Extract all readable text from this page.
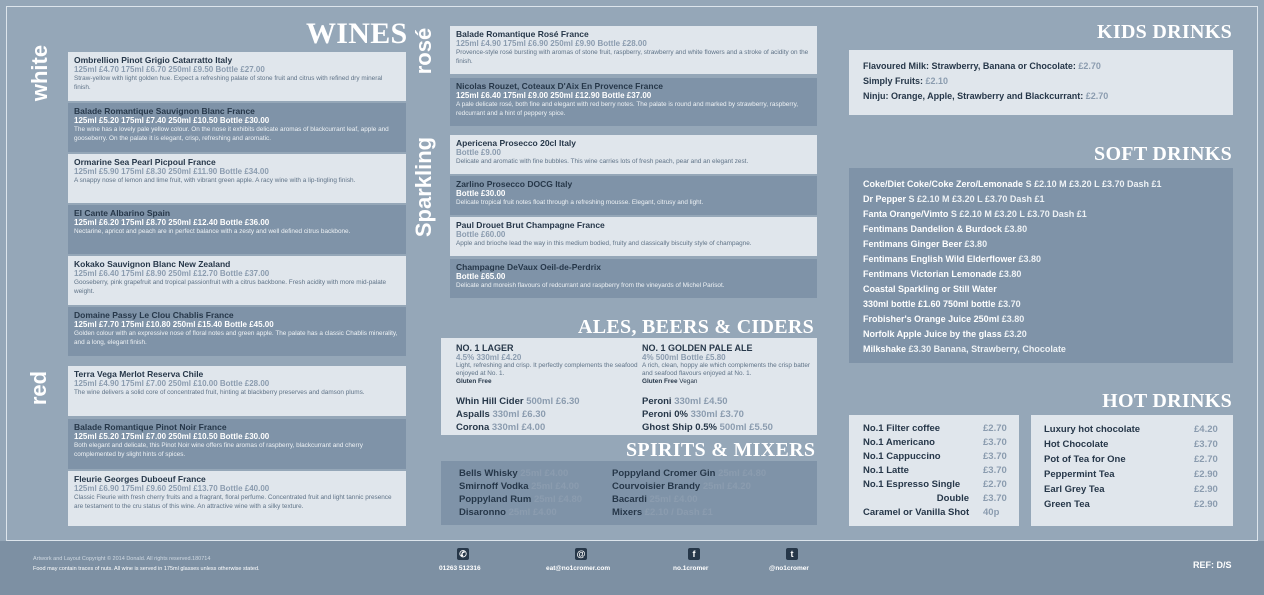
WINES
white
red
rosé
Sparkling
Ombrellion Pinot Grigio Catarratto Italy
125ml £4.70 175ml £6.70 250ml £9.50 Bottle £27.00
Straw-yellow with light golden hue. Expect a refreshing palate of stone fruit and citrus with refined dry mineral finish.
Balade Romantique Sauvignon Blanc France
125ml £5.20 175ml £7.40 250ml £10.50 Bottle £30.00
The wine has a lovely pale yellow colour. On the nose it exhibits delicate aromas of blackcurrant leaf, apple and gooseberry. On the palate it is elegant, crisp, refreshing and aromatic.
Ormarine Sea Pearl Picpoul France
125ml £5.90 175ml £8.30 250ml £11.90 Bottle £34.00
A snappy nose of lemon and lime fruit, with vibrant green apple. A racy wine with a lip-tingling finish.
El Cante Albarino Spain
125ml £6.20 175ml £8.70 250ml £12.40 Bottle £36.00
Nectarine, apricot and peach are in perfect balance with a zesty and well defined citrus backbone.
Kokako Sauvignon Blanc New Zealand
125ml £6.40 175ml £8.90 250ml £12.70 Bottle £37.00
Gooseberry, pink grapefruit and tropical passionfruit with a citrus backbone. Fresh acidity with more mid-palate weight.
Domaine Passy Le Clou Chablis France
125ml £7.70 175ml £10.80 250ml £15.40 Bottle £45.00
Golden colour with an expressive nose of floral notes and green apple. The palate has a classic Chablis minerality, and a long, elegant finish.
Terra Vega Merlot Reserva Chile
125ml £4.90 175ml £7.00 250ml £10.00 Bottle £28.00
The wine delivers a solid core of concentrated fruit, hinting at blackberry preserves and damson plums.
Balade Romantique Pinot Noir France
125ml £5.20 175ml £7.00 250ml £10.50 Bottle £30.00
Both elegant and delicate, this Pinot Noir wine offers fine aromas of raspberry, blackcurrant and cherry complemented by slight hints of spices.
Fleurie Georges Duboeuf France
125ml £6.90 175ml £9.60 250ml £13.70 Bottle £40.00
Classic Fleurie with fresh cherry fruits and a fragrant, floral perfume. Concentrated fruit and light tannic presence are testament to the cru status of this wine. An attractive wine with a silky texture.
Balade Romantique Rosé France
125ml £4.90 175ml £6.90 250ml £9.90 Bottle £28.00
Provence-style rosé bursting with aromas of stone fruit, raspberry, strawberry and white flowers and a stroke of acidity on the finish.
Nicolas Rouzet, Coteaux D'Aix En Provence France
125ml £6.40 175ml £9.00 250ml £12.90 Bottle £37.00
A pale delicate rosé, both fine and elegant with red berry notes. The palate is round and marked by strawberry, raspberry, redcurrant and a hint of peppery spice.
Apericena Prosecco 20cl Italy
Bottle £9.00
Delicate and aromatic with fine bubbles. This wine carries lots of fresh peach, pear and an elegant zest.
Zarlino Prosecco DOCG Italy
Bottle £30.00
Delicate tropical fruit notes float through a refreshing mousse. Elegant, citrusy and light.
Paul Drouet Brut Champagne France
Bottle £60.00
Apple and brioche lead the way in this medium bodied, fruity and classically biscuity style of champagne.
Champagne DeVaux Oeil-de-Perdrix
Bottle £65.00
Delicate and moreish flavours of redcurrant and raspberry from the vineyards of Michel Parisot.
ALES, BEERS & CIDERS
NO. 1 LAGER
4.5% 330ml £4.20
Light, refreshing and crisp. It perfectly complements the seafood enjoyed at No. 1.
Gluten Free
NO. 1 GOLDEN PALE ALE
4% 500ml Bottle £5.80
A rich, clean, hoppy ale which complements the crisp batter and seafood flavours enjoyed at No. 1.
Gluten Free Vegan
Whin Hill Cider 500ml £6.30
Aspalls 330ml £6.30
Corona 330ml £4.00
Peroni 330ml £4.50
Peroni 0% 330ml £3.70
Ghost Ship 0.5% 500ml £5.50
SPIRITS & MIXERS
Bells Whisky 25ml £4.00
Smirnoff Vodka 25ml £4.00
Poppyland Rum 25ml £4.80
Disaronno 25ml £4.00
Poppyland Cromer Gin 25ml £4.80
Courvoisier Brandy 25ml £4.20
Bacardi 25ml £4.00
Mixers £2.10 / Dash £1
KIDS DRINKS
Flavoured Milk: Strawberry, Banana or Chocolate: £2.70
Simply Fruits: £2.10
Ninju: Orange, Apple, Strawberry and Blackcurrant: £2.70
SOFT DRINKS
Coke/Diet Coke/Coke Zero/Lemonade S £2.10 M £3.20 L £3.70 Dash £1
Dr Pepper S £2.10 M £3.20 L £3.70 Dash £1
Fanta Orange/Vimto S £2.10 M £3.20 L £3.70 Dash £1
Fentimans Dandelion & Burdock £3.80
Fentimans Ginger Beer £3.80
Fentimans English Wild Elderflower £3.80
Fentimans Victorian Lemonade £3.80
Coastal Sparkling or Still Water
330ml bottle £1.60 750ml bottle £3.70
Frobisher's Orange Juice 250ml £3.80
Norfolk Apple Juice by the glass £3.20
Milkshake £3.30 Banana, Strawberry, Chocolate
HOT DRINKS
No.1 Filter coffee	£2.70
No.1 Americano	£3.70
No.1 Cappuccino	£3.70
No.1 Latte	£3.70
No.1 Espresso Single £2.70
Double £3.70
Caramel or Vanilla Shot 40p
Luxury hot chocolate	£4.20
Hot Chocolate	£3.70
Pot of Tea for One	£2.70
Peppermint Tea	£2.90
Earl Grey Tea	£2.90
Green Tea	£2.90
Artwork and Layout Copyright © 2014 Donald. All rights reserved.180714
Food may contain traces of nuts. All wine is served in 175ml glasses unless otherwise stated.
✆
01263 512316
@
eat@no1cromer.com
f
no.1cromer
t
@no1cromer	REF: D/S
